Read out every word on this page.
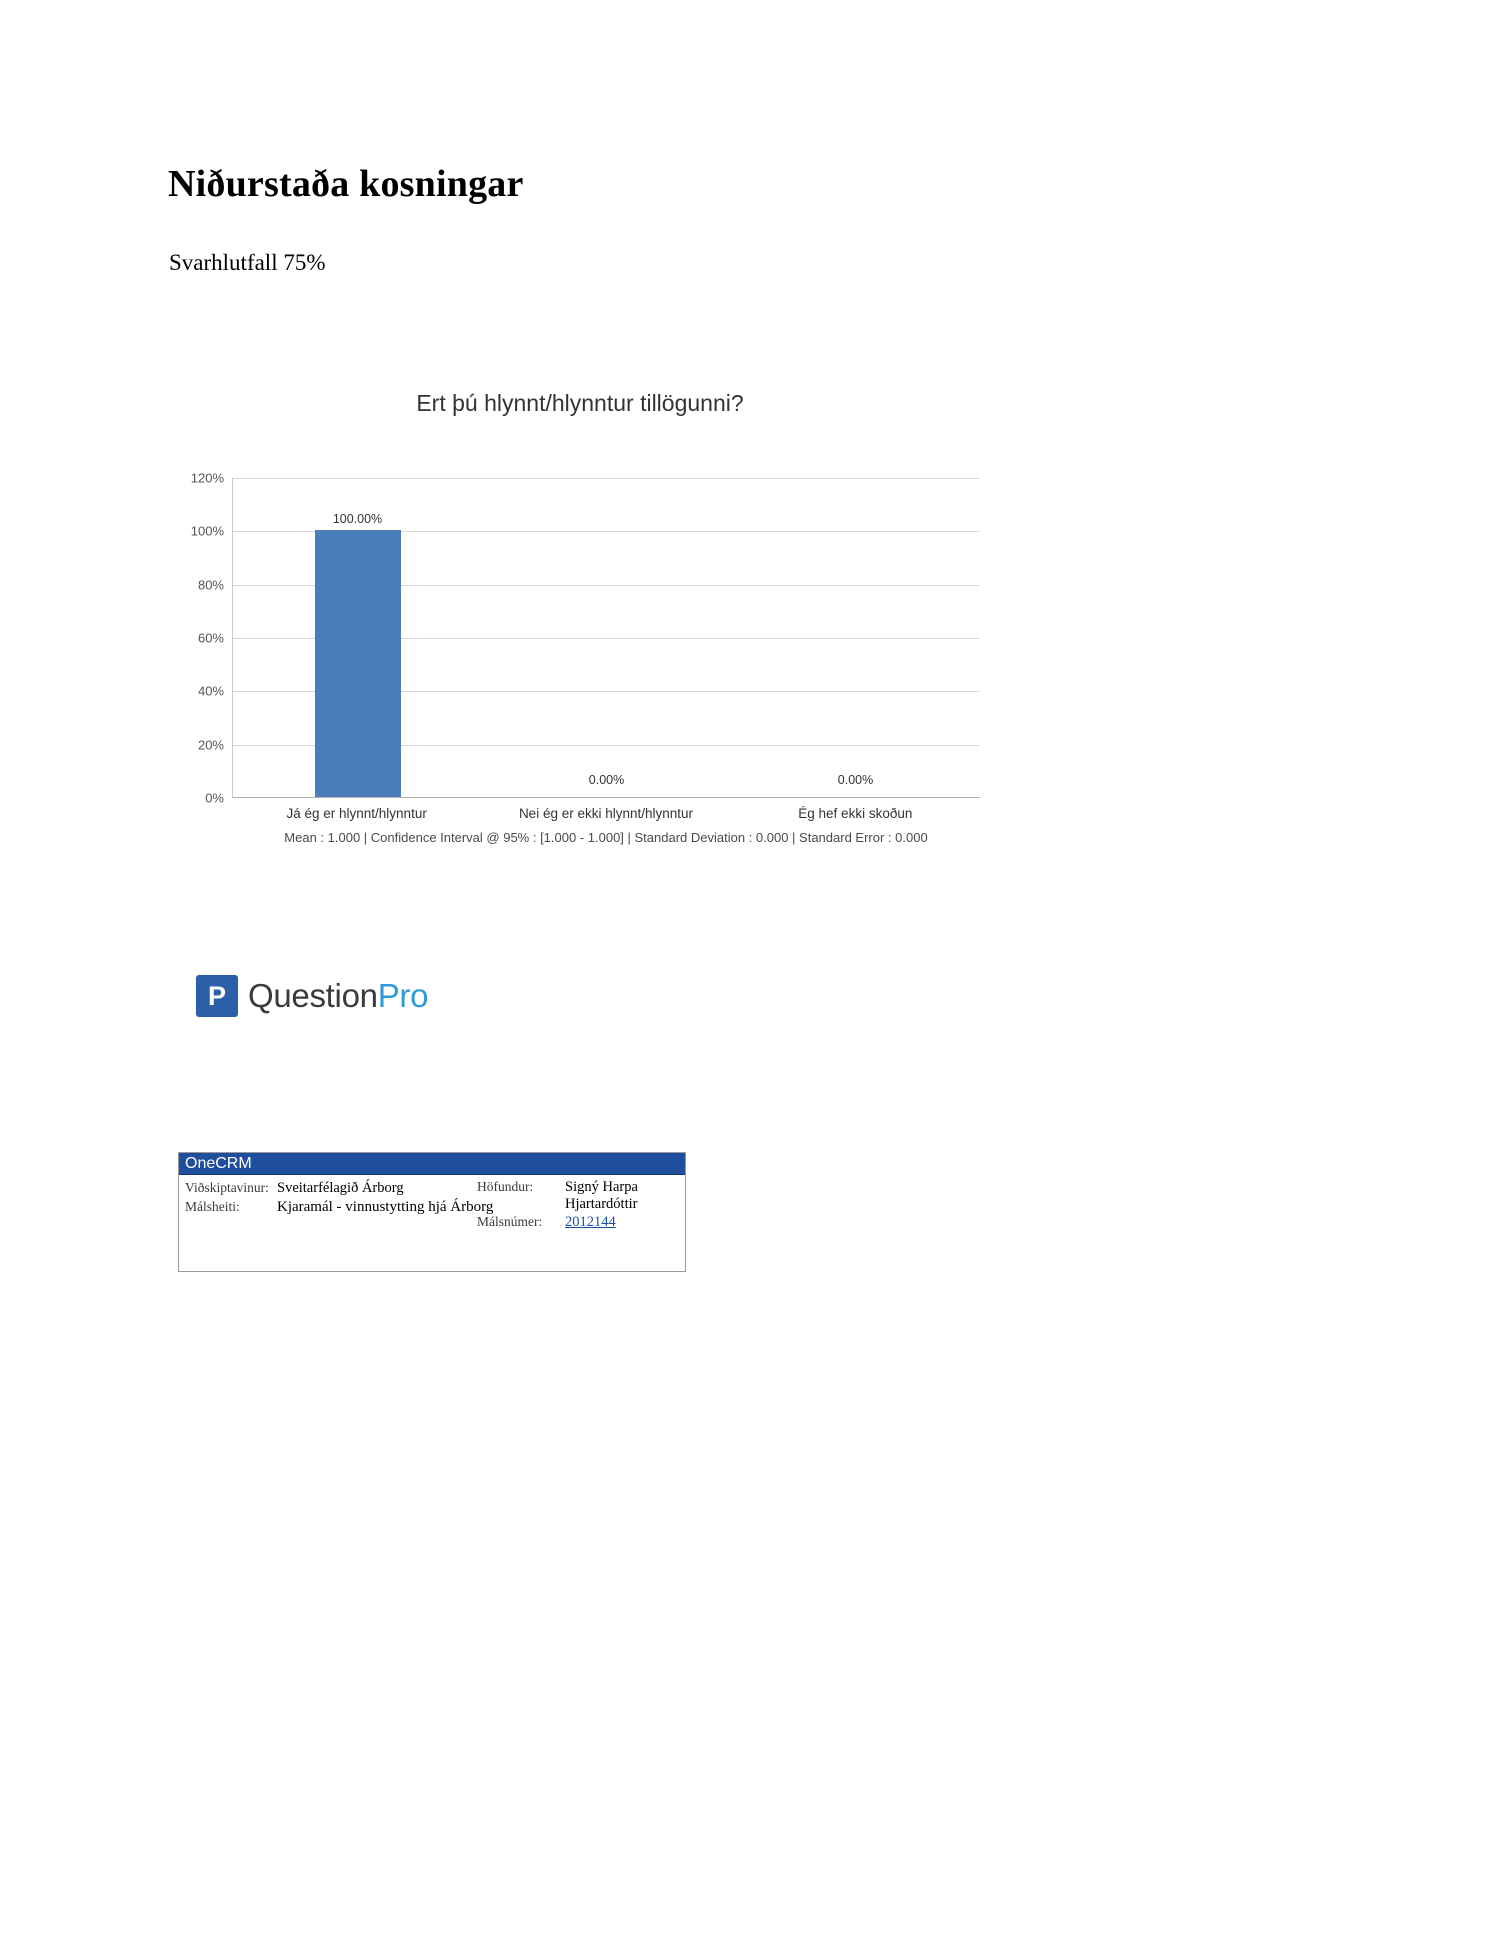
Niðurstaða kosningar
Svarhlutfall 75%
Ert þú hlynnt/hlynntur tillögunni?
120%
100%
80%
60%
40%
20%
0%
100.00%
0.00%	0.00%
Já ég er hlynnt/hlynntur	Nei ég er ekki hlynnt/hlynntur	Ég hef ekki skoðun
Mean : 1.000 | Confidence Interval @ 95% : [1.000 - 1.000] | Standard Deviation : 0.000 | Standard Error : 0.000
P Question Pro
OneCRM
Viðskiptavinur: Sveitarfélagið Árborg
Málsheiti:	Kjaramál - vinnustytting hjá Árborg
Höfundur:	Signý Harpa Hjartardóttir
Málsnúmer:	2012144
